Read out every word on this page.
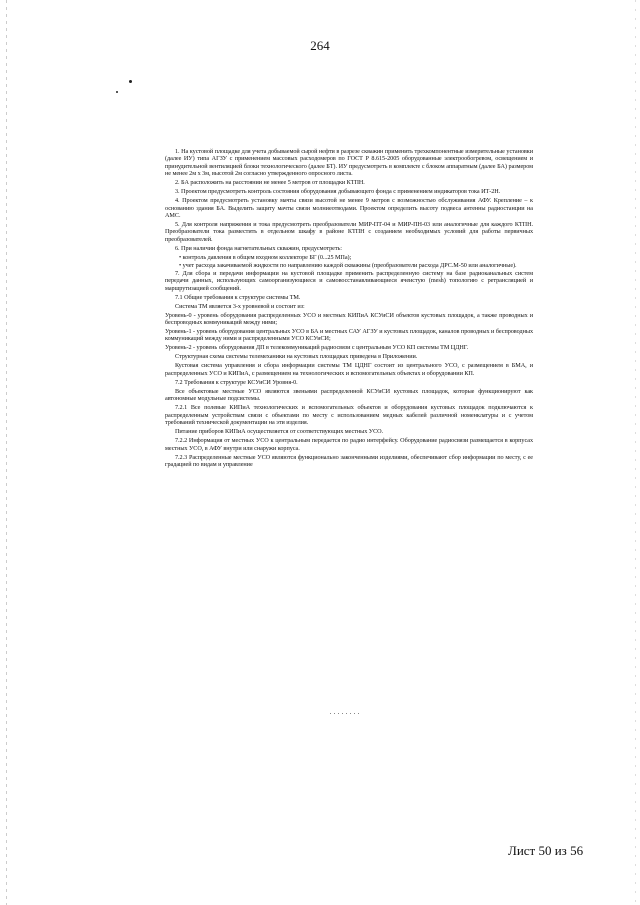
264

1. На кустовой площадке для учета добываемой сырой нефти в разрезе скважин применить трехкомпонентные измерительные установки (далее ИУ) типа АГЗУ с применением массовых расходомеров по ГОСТ Р 8.615-2005 оборудованные электрообогревом, освещением и принудительной вентиляцией блоки технологического (далее БТ). ИУ предусмотреть в комплекте с блоком аппаратным (далее БА) размером не менее 2м x 3м, высотой 2м согласно утвержденного опросного листа.

2. БА расположить на расстоянии не менее 5 метров от площадки КТПН.

3. Проектом предусмотреть контроль состояния оборудования добывающего фонда с применением индикаторов тока ИТ-2Н.

4. Проектом предусмотреть установку мачты связи высотой не менее 9 метров с возможностью обслуживания АФУ. Крепление – к основанию здания БА. Выделить защиту мачты связи молниеотводами. Проектом определить высоту подвеса антенны радиостанции на АМС.

5. Для контроля напряжения и тока предусмотреть преобразователи МИР-ПТ-04 и МИР-ПН-03 или аналогичные для каждого КТПН. Преобразователи тока разместить в отдельном шкафу в районе КТПН с созданием необходимых условий для работы первичных преобразователей.

6. При наличии фонда нагнетательных скважин, предусмотреть:

• контроль давления в общем входном коллекторе БГ (0...25 МПа);
• учет расхода закачиваемой жидкости по направлению каждой скважины (преобразователи расхода ДРС.М-50 или аналогичные).

7. Для сбора и передачи информации на кустовой площадке применить распределенную систему на базе радиоканальных систем передачи данных, использующих самоорганизующиеся и самовосстанавливающиеся ячеистую (mesh) топологию с ретрансляцией и маршрутизацией сообщений.

7.1 Общие требования к структуре системы ТМ.

Система ТМ является 3-х уровневой и состоит из:

Уровень-0 - уровень оборудования распределенных УСО и местных КИПиА КСУиСИ объектов кустовых площадок, а также проводных и беспроводных коммуникаций между ними;

Уровень-1 - уровень оборудования центральных УСО в БА и местных САУ АГЗУ и кустовых площадок, каналов проводных и беспроводных коммуникаций между ними и распределенными УСО КСУиСИ;

Уровень-2 - уровень оборудования ДП в телекоммуникаций радиосвязи с центральным УСО КП системы ТМ ЦДНГ.

Структурная схема системы телемеханики на кустовых площадках приведена в Приложении.

Кустовая система управления и сбора информации системы ТМ ЦДНГ состоит из центрального УСО, с размещением в БМА, и распределенных УСО и КИПиА, с размещением на технологических и вспомогательных объектах и оборудовании КП.

7.2 Требования к структуре КСУиСИ Уровня-0.

Все объектовые местные УСО являются звеньями распределенной КСУиСИ кустовых площадок, которые функционируют как автономные модульные подсистемы.

7.2.1 Все полевые КИПиА технологических и вспомогательных объектов и оборудования кустовых площадок подключаются к распределенным устройствам связи с объектами по месту с использованием медных кабелей различной номенклатуры и с учетом требований технической документации на эти изделия.

Питание приборов КИПиА осуществляется от соответствующих местных УСО.

7.2.2 Информация от местных УСО к центральным передается по радио интерфейсу. Оборудование радиосвязи размещается в корпусах местных УСО, в АФУ внутри или снаружи корпуса.

7.2.3 Распределенные местные УСО являются функционально законченными изделиями, обеспечивают сбор информации по месту, с ее градацией по видам и управление

Лист 50 из 56
